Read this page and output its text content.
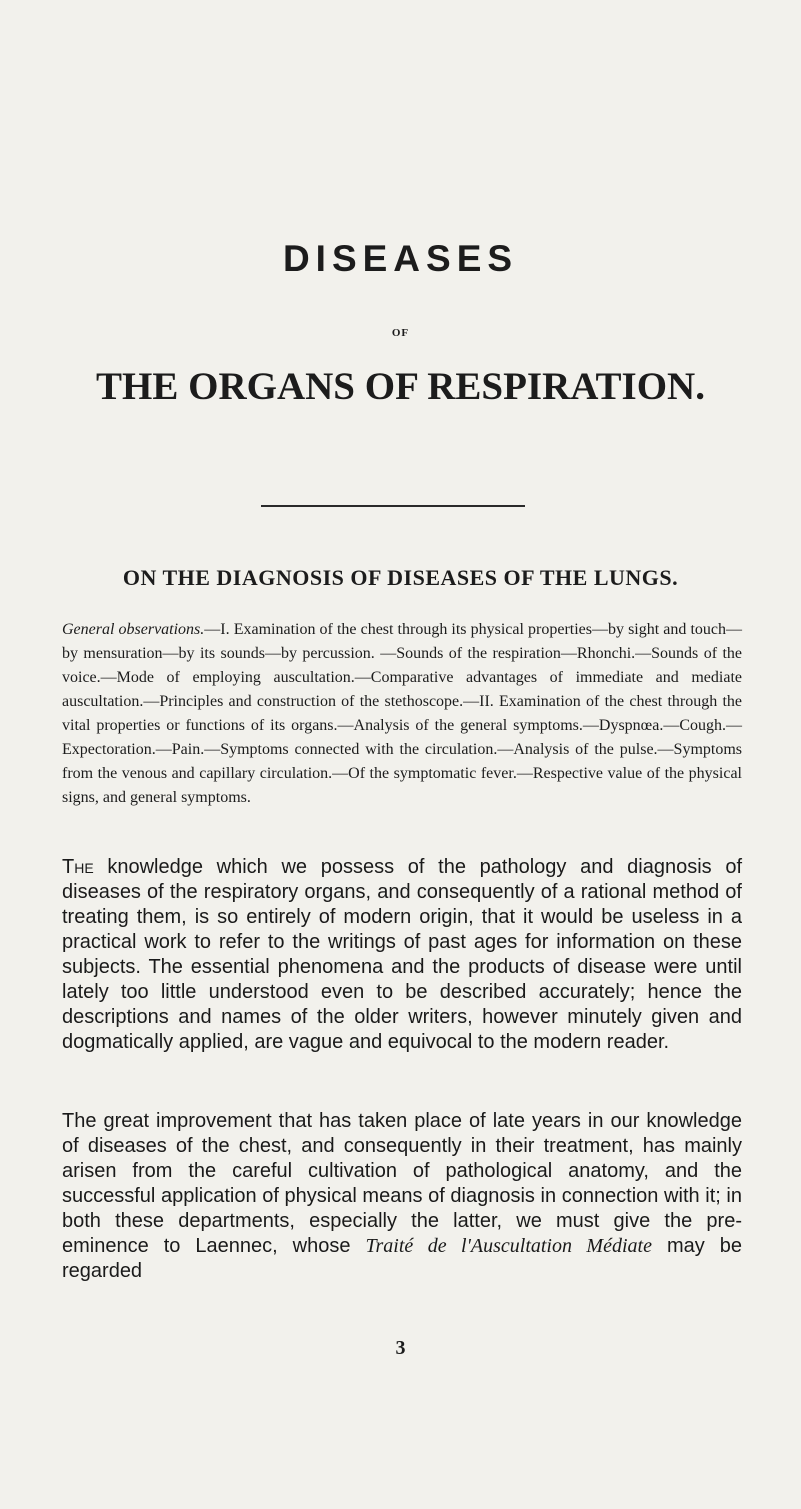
DISEASES
OF
THE ORGANS OF RESPIRATION.
ON THE DIAGNOSIS OF DISEASES OF THE LUNGS.
General observations.—I. Examination of the chest through its physical properties—by sight and touch—by mensuration—by its sounds—by percussion. —Sounds of the respiration—Rhonchi.—Sounds of the voice.—Mode of employing auscultation.—Comparative advantages of immediate and mediate auscultation.—Principles and construction of the stethoscope.—II. Examination of the chest through the vital properties or functions of its organs.—Analysis of the general symptoms.—Dyspnœa.—Cough.—Expectoration.—Pain.—Symptoms connected with the circulation.—Analysis of the pulse.—Symptoms from the venous and capillary circulation.—Of the symptomatic fever.—Respective value of the physical signs, and general symptoms.
The knowledge which we possess of the pathology and diagnosis of diseases of the respiratory organs, and consequently of a rational method of treating them, is so entirely of modern origin, that it would be useless in a practical work to refer to the writings of past ages for information on these subjects. The essential phenomena and the products of disease were until lately too little understood even to be described accurately; hence the descriptions and names of the older writers, however minutely given and dogmatically applied, are vague and equivocal to the modern reader.
The great improvement that has taken place of late years in our knowledge of diseases of the chest, and consequently in their treatment, has mainly arisen from the careful cultivation of pathological anatomy, and the successful application of physical means of diagnosis in connection with it; in both these departments, especially the latter, we must give the pre-eminence to Laennec, whose Traité de l'Auscultation Médiate may be regarded
3
